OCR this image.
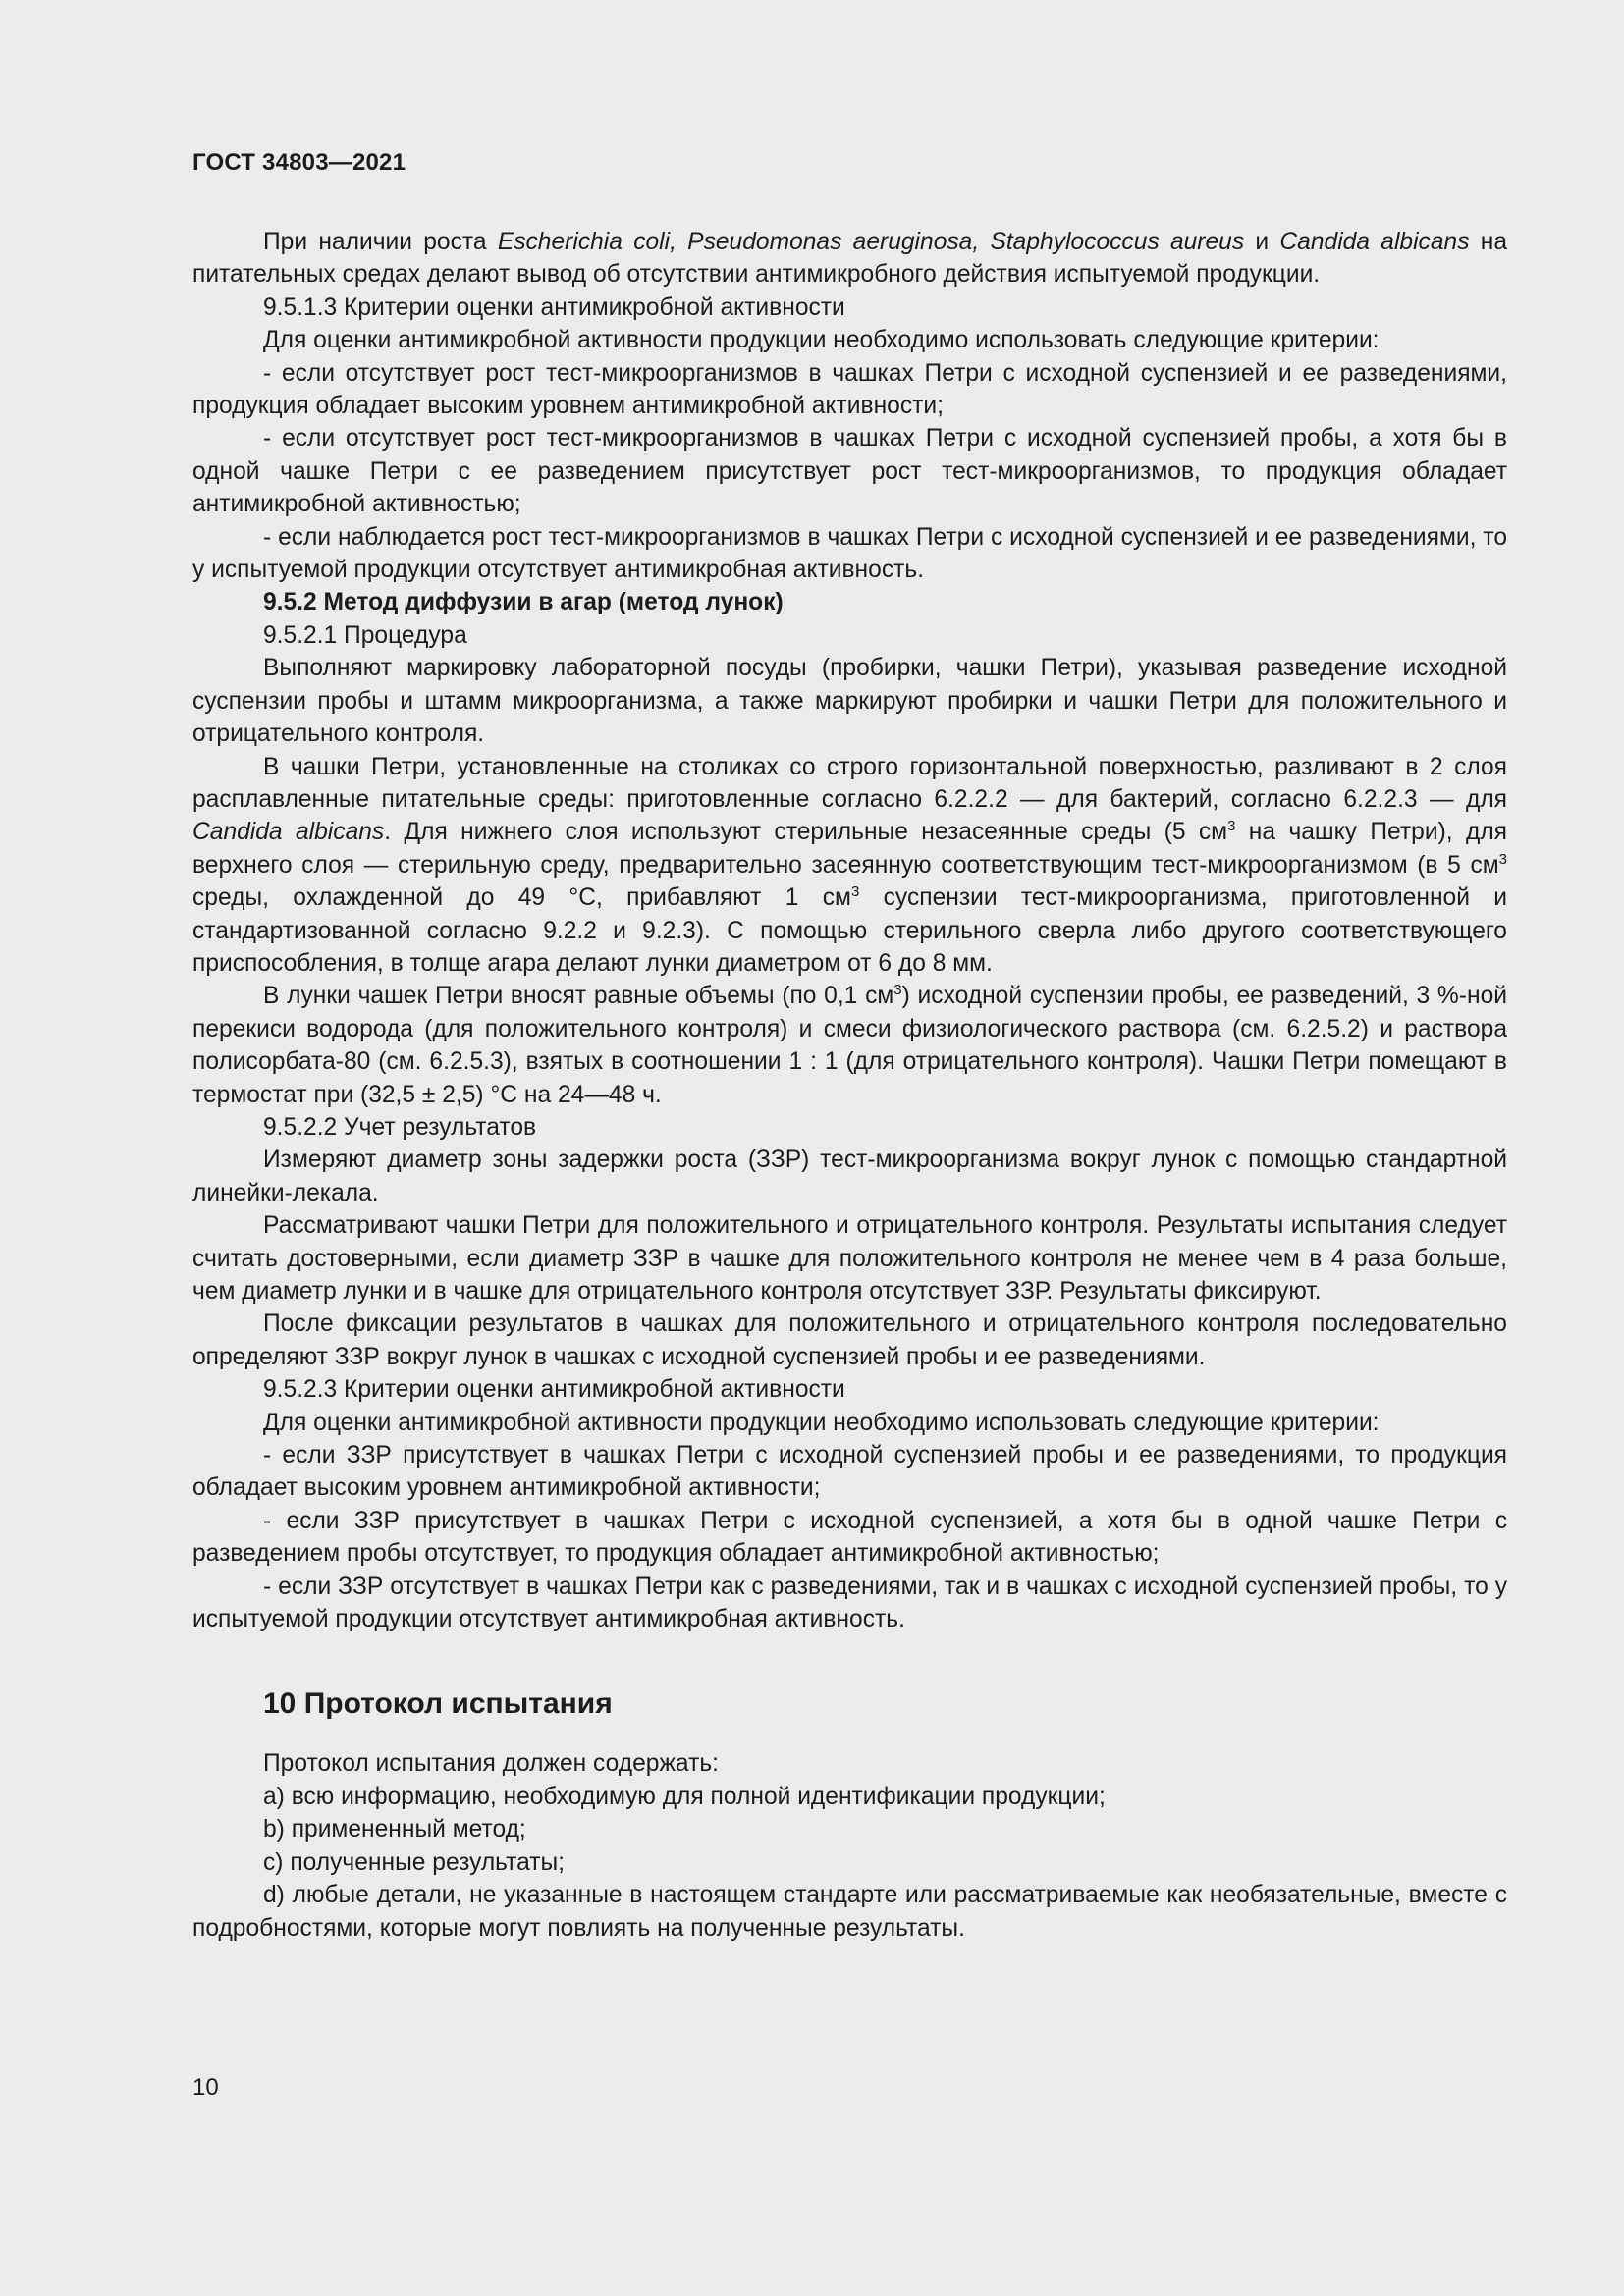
ГОСТ 34803—2021

При наличии роста Escherichia coli, Pseudomonas aeruginosa, Staphylococcus aureus и Candida albicans на питательных средах делают вывод об отсутствии антимикробного действия испытуемой продукции.

9.5.1.3 Критерии оценки антимикробной активности

Для оценки антимикробной активности продукции необходимо использовать следующие критерии:

- если отсутствует рост тест-микроорганизмов в чашках Петри с исходной суспензией и ее разведениями, продукция обладает высоким уровнем антимикробной активности;

- если отсутствует рост тест-микроорганизмов в чашках Петри с исходной суспензией пробы, а хотя бы в одной чашке Петри с ее разведением присутствует рост тест-микроорганизмов, то продукция обладает антимикробной активностью;

- если наблюдается рост тест-микроорганизмов в чашках Петри с исходной суспензией и ее разведениями, то у испытуемой продукции отсутствует антимикробная активность.

9.5.2 Метод диффузии в агар (метод лунок)

9.5.2.1 Процедура

Выполняют маркировку лабораторной посуды (пробирки, чашки Петри), указывая разведение исходной суспензии пробы и штамм микроорганизма, а также маркируют пробирки и чашки Петри для положительного и отрицательного контроля.

В чашки Петри, установленные на столиках со строго горизонтальной поверхностью, разливают в 2 слоя расплавленные питательные среды: приготовленные согласно 6.2.2.2 — для бактерий, согласно 6.2.2.3 — для Candida albicans. Для нижнего слоя используют стерильные незасеянные среды (5 $см^3$ на чашку Петри), для верхнего слоя — стерильную среду, предварительно засеянную соответствующим тест-микроорганизмом (в 5 $см^3$ среды, охлажденной до 49 °С, прибавляют 1 $см^3$ суспензии тест-микроорганизма, приготовленной и стандартизованной согласно 9.2.2 и 9.2.3). С помощью стерильного сверла либо другого соответствующего приспособления, в толще агара делают лунки диаметром от 6 до 8 мм.

В лунки чашек Петри вносят равные объемы (по 0,1 $см^3$) исходной суспензии пробы, ее разведений, 3 %-ной перекиси водорода (для положительного контроля) и смеси физиологического раствора (см. 6.2.5.2) и раствора полисорбата-80 (см. 6.2.5.3), взятых в соотношении 1 : 1 (для отрицательного контроля). Чашки Петри помещают в термостат при (32,5 ± 2,5) °С на 24—48 ч.

9.5.2.2 Учет результатов

Измеряют диаметр зоны задержки роста (ЗЗР) тест-микроорганизма вокруг лунок с помощью стандартной линейки-лекала.

Рассматривают чашки Петри для положительного и отрицательного контроля. Результаты испытания следует считать достоверными, если диаметр ЗЗР в чашке для положительного контроля не менее чем в 4 раза больше, чем диаметр лунки и в чашке для отрицательного контроля отсутствует ЗЗР. Результаты фиксируют.

После фиксации результатов в чашках для положительного и отрицательного контроля последовательно определяют ЗЗР вокруг лунок в чашках с исходной суспензией пробы и ее разведениями.

9.5.2.3 Критерии оценки антимикробной активности

Для оценки антимикробной активности продукции необходимо использовать следующие критерии:

- если ЗЗР присутствует в чашках Петри с исходной суспензией пробы и ее разведениями, то продукция обладает высоким уровнем антимикробной активности;

- если ЗЗР присутствует в чашках Петри с исходной суспензией, а хотя бы в одной чашке Петри с разведением пробы отсутствует, то продукция обладает антимикробной активностью;

- если ЗЗР отсутствует в чашках Петри как с разведениями, так и в чашках с исходной суспензией пробы, то у испытуемой продукции отсутствует антимикробная активность.

10 Протокол испытания

Протокол испытания должен содержать:

a) всю информацию, необходимую для полной идентификации продукции;

b) примененный метод;

c) полученные результаты;

d) любые детали, не указанные в настоящем стандарте или рассматриваемые как необязательные, вместе с подробностями, которые могут повлиять на полученные результаты.

10
